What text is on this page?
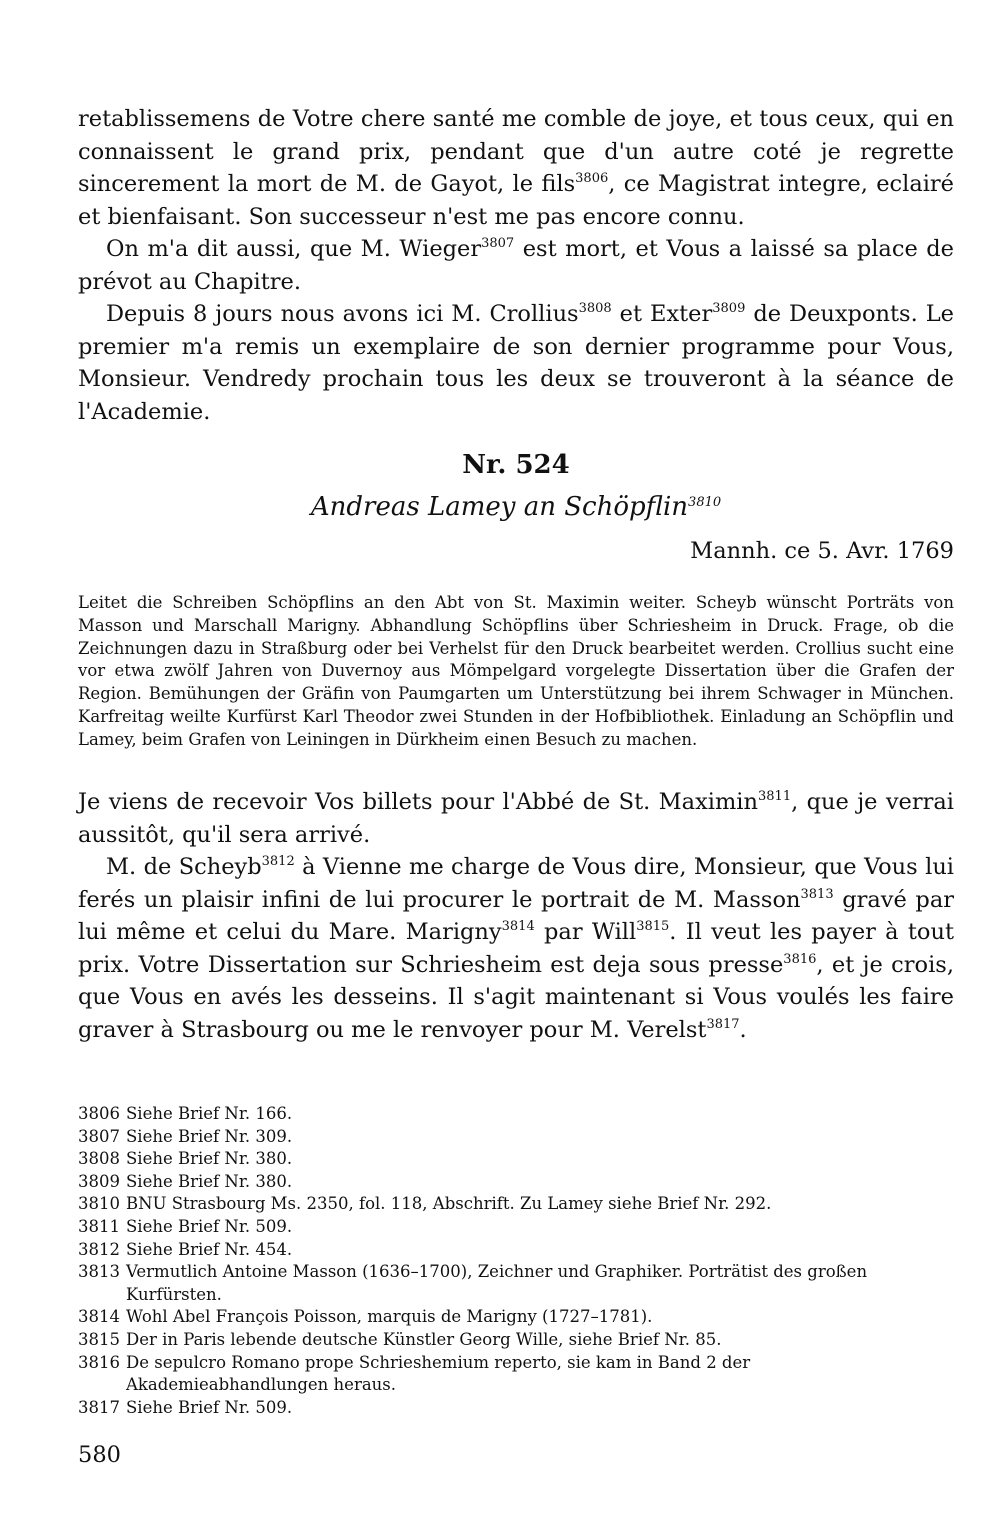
retablissemens de Votre chere santé me comble de joye, et tous ceux, qui en connaissent le grand prix, pendant que d'un autre coté je regrette sincerement la mort de M. de Gayot, le fils$^{3806}$, ce Magistrat integre, eclairé et bienfaisant. Son successeur n'est me pas encore connu.

On m'a dit aussi, que M. Wieger$^{3807}$ est mort, et Vous a laissé sa place de prévot au Chapitre.

Depuis 8 jours nous avons ici M. Crollius$^{3808}$ et Exter$^{3809}$ de Deuxponts. Le premier m'a remis un exemplaire de son dernier programme pour Vous, Monsieur. Vendredy prochain tous les deux se trouveront à la séance de l'Academie.

Nr. 524
Andreas Lamey an Schöpflin$^{3810}$
Mannh. ce 5. Avr. 1769

Leitet die Schreiben Schöpflins an den Abt von St. Maximin weiter. Scheyb wünscht Porträts von Masson und Marschall Marigny. Abhandlung Schöpflins über Schriesheim in Druck. Frage, ob die Zeichnungen dazu in Straßburg oder bei Verhelst für den Druck bearbeitet werden. Crollius sucht eine vor etwa zwölf Jahren von Duvernoy aus Mömpelgard vorgelegte Dissertation über die Grafen der Region. Bemühungen der Gräfin von Paumgarten um Unterstützung bei ihrem Schwager in München. Karfreitag weilte Kurfürst Karl Theodor zwei Stunden in der Hofbibliothek. Einladung an Schöpflin und Lamey, beim Grafen von Leiningen in Dürkheim einen Besuch zu machen.

Je viens de recevoir Vos billets pour l'Abbé de St. Maximin$^{3811}$, que je verrai aussitôt, qu'il sera arrivé.

M. de Scheyb$^{3812}$ à Vienne me charge de Vous dire, Monsieur, que Vous lui ferés un plaisir infini de lui procurer le portrait de M. Masson$^{3813}$ gravé par lui même et celui du Mare. Marigny$^{3814}$ par Will$^{3815}$. Il veut les payer à tout prix. Votre Dissertation sur Schriesheim est deja sous presse$^{3816}$, et je crois, que Vous en avés les desseins. Il s'agit maintenant si Vous voulés les faire graver à Strasbourg ou me le renvoyer pour M. Verelst$^{3817}$.

3806 Siehe Brief Nr. 166.
3807 Siehe Brief Nr. 309.
3808 Siehe Brief Nr. 380.
3809 Siehe Brief Nr. 380.
3810 BNU Strasbourg Ms. 2350, fol. 118, Abschrift. Zu Lamey siehe Brief Nr. 292.
3811 Siehe Brief Nr. 509.
3812 Siehe Brief Nr. 454.
3813 Vermutlich Antoine Masson (1636–1700), Zeichner und Graphiker. Porträtist des großen Kurfürsten.
3814 Wohl Abel François Poisson, marquis de Marigny (1727–1781).
3815 Der in Paris lebende deutsche Künstler Georg Wille, siehe Brief Nr. 85.
3816 De sepulcro Romano prope Schrieshemium reperto, sie kam in Band 2 der Akademieabhandlungen heraus.
3817 Siehe Brief Nr. 509.
580
